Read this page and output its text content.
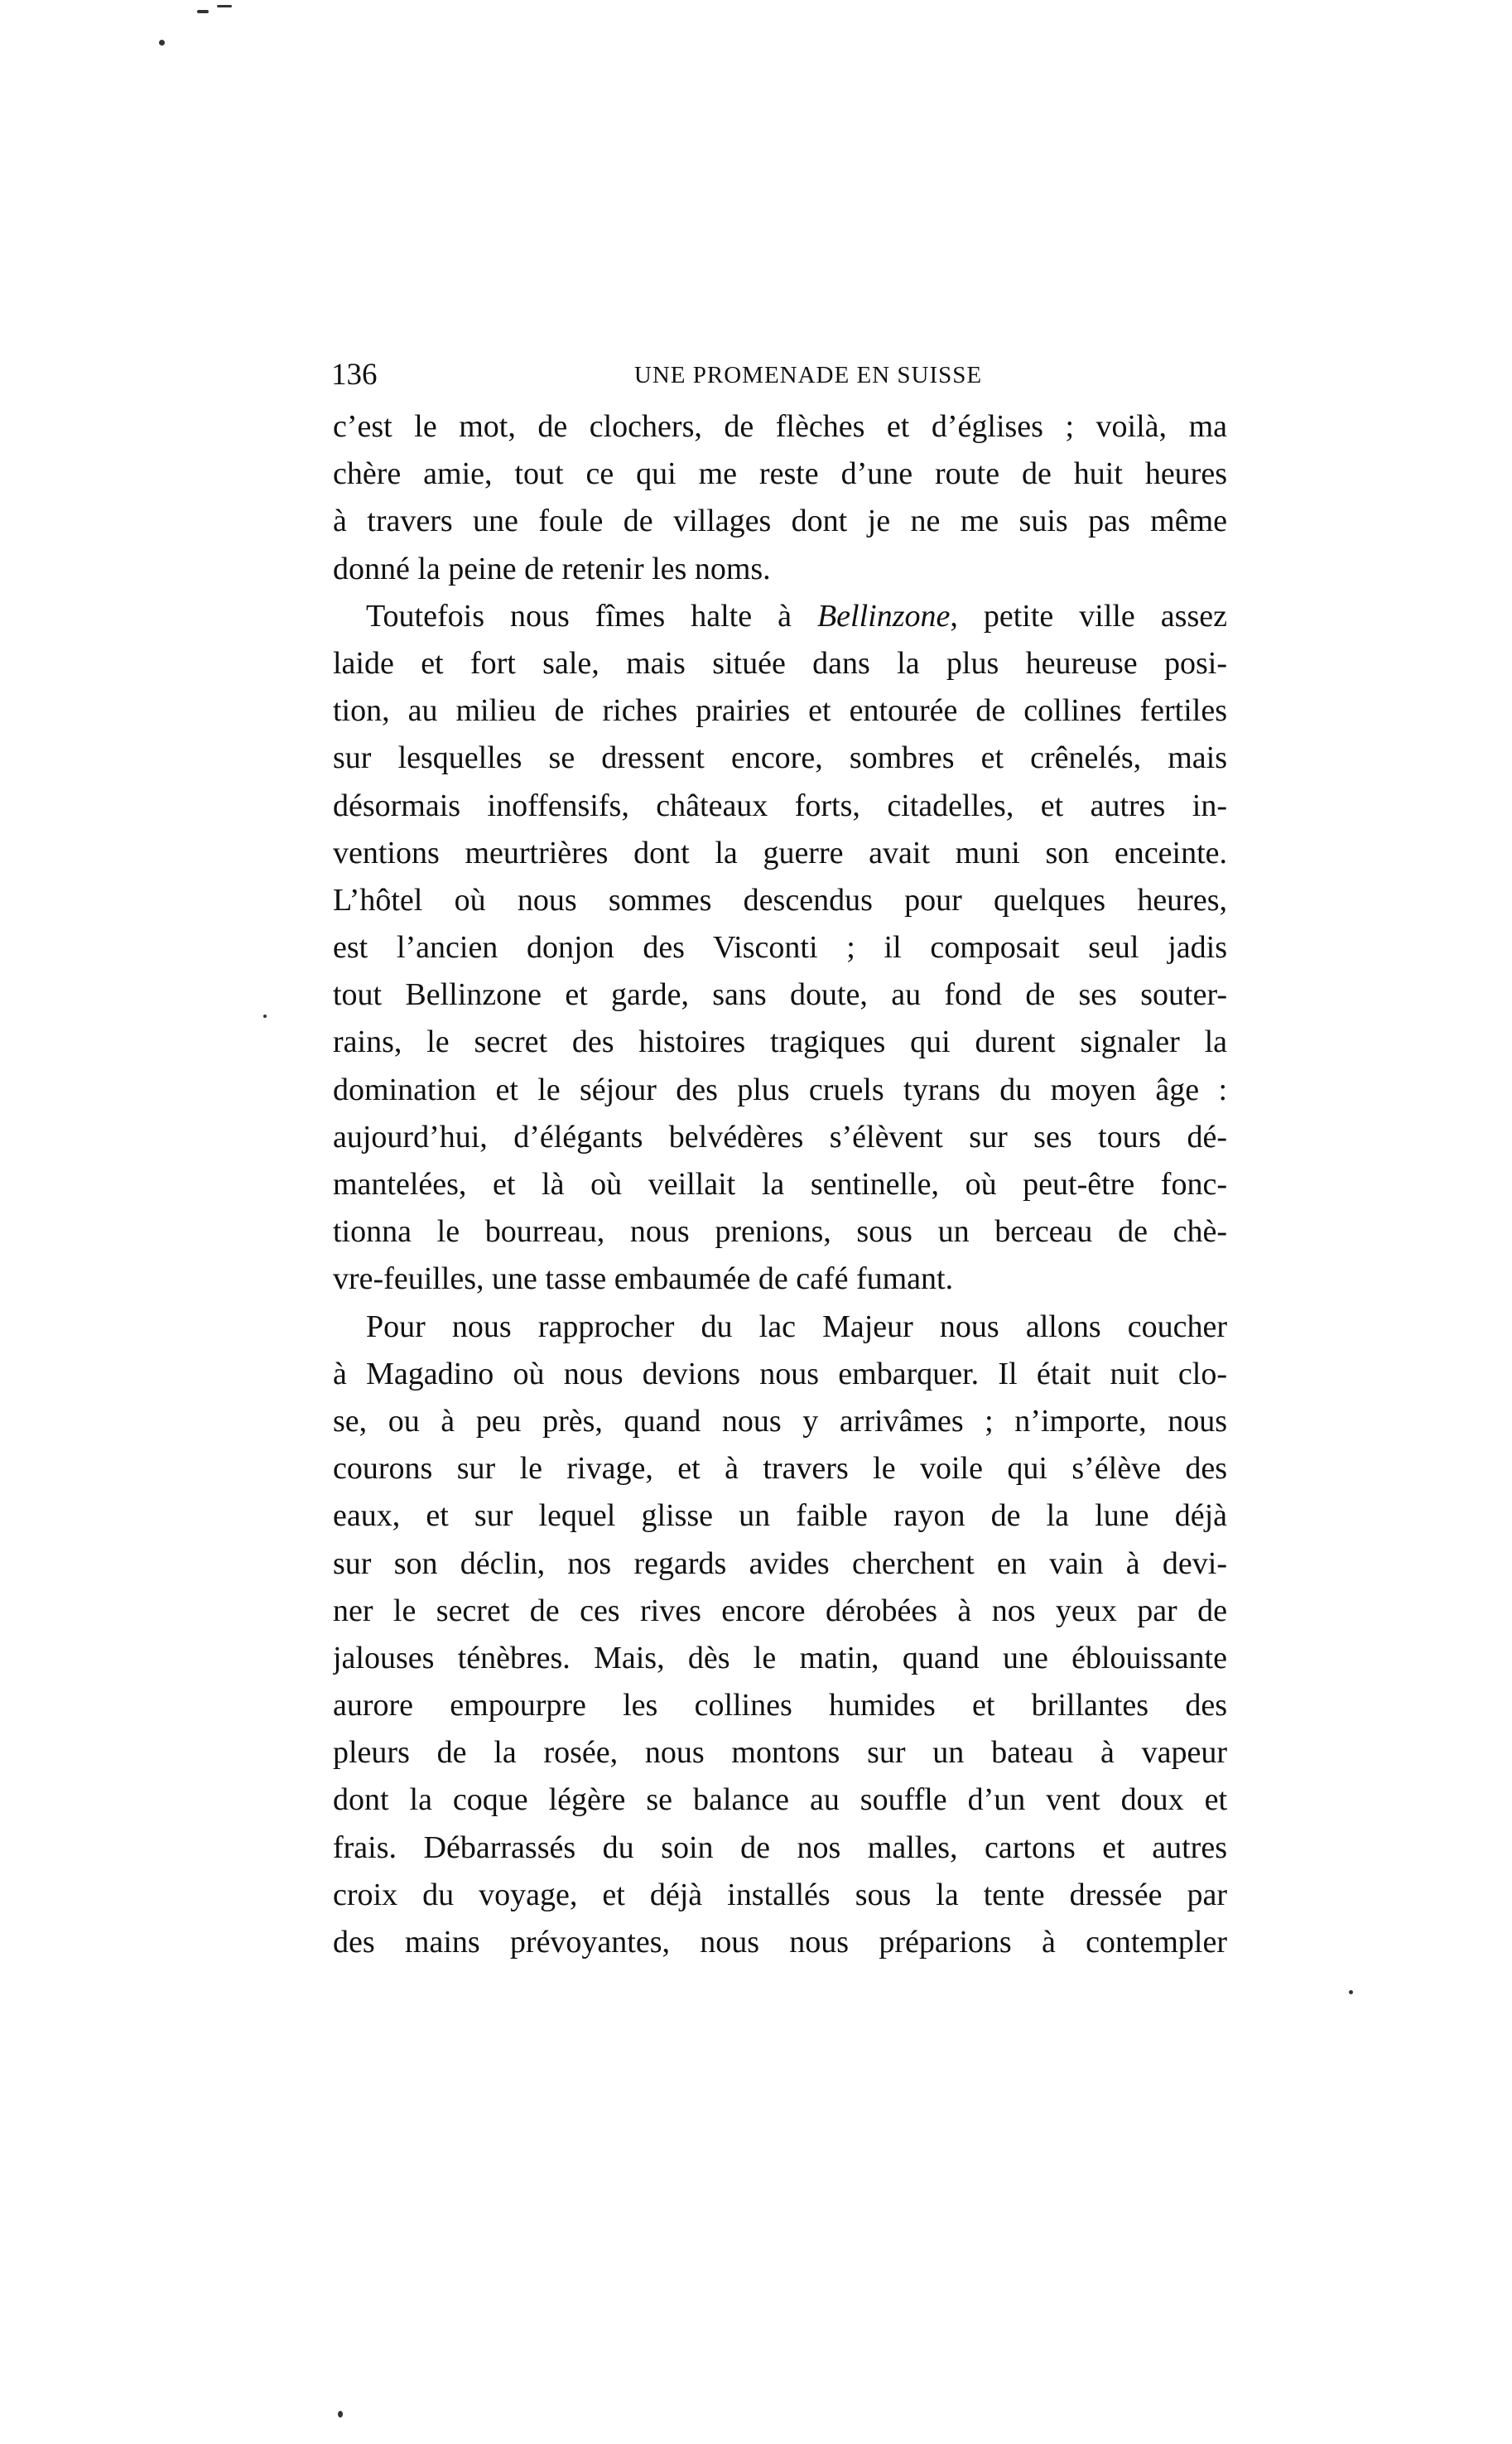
136	UNE PROMENADE EN SUISSE
c’est le mot, de clochers, de flèches et d’églises ; voilà, ma
chère amie, tout ce qui me reste d’une route de huit heures
à travers une foule de villages dont je ne me suis pas même
donné la peine de retenir les noms.
Toutefois nous fîmes halte à Bellinzone, petite ville assez
laide et fort sale, mais située dans la plus heureuse posi-
tion, au milieu de riches prairies et entourée de collines fertiles
sur lesquelles se dressent encore, sombres et crênelés, mais
désormais inoffensifs, châteaux forts, citadelles, et autres in-
ventions meurtrières dont la guerre avait muni son enceinte.
L’hôtel où nous sommes descendus pour quelques heures,
est l’ancien donjon des Visconti ; il composait seul jadis
tout Bellinzone et garde, sans doute, au fond de ses souter-
rains, le secret des histoires tragiques qui durent signaler la
domination et le séjour des plus cruels tyrans du moyen âge :
aujourd’hui, d’élégants belvédères s’élèvent sur ses tours dé-
mantelées, et là où veillait la sentinelle, où peut-être fonc-
tionna le bourreau, nous prenions, sous un berceau de chè-
vre-feuilles, une tasse embaumée de café fumant.
Pour nous rapprocher du lac Majeur nous allons coucher
à Magadino où nous devions nous embarquer. Il était nuit clo-
se, ou à peu près, quand nous y arrivâmes ; n’importe, nous
courons sur le rivage, et à travers le voile qui s’élève des
eaux, et sur lequel glisse un faible rayon de la lune déjà
sur son déclin, nos regards avides cherchent en vain à devi-
ner le secret de ces rives encore dérobées à nos yeux par de
jalouses ténèbres. Mais, dès le matin, quand une éblouissante
aurore empourpre les collines humides et brillantes des
pleurs de la rosée, nous montons sur un bateau à vapeur
dont la coque légère se balance au souffle d’un vent doux et
frais. Débarrassés du soin de nos malles, cartons et autres
croix du voyage, et déjà installés sous la tente dressée par
des mains prévoyantes, nous nous préparions à contempler
